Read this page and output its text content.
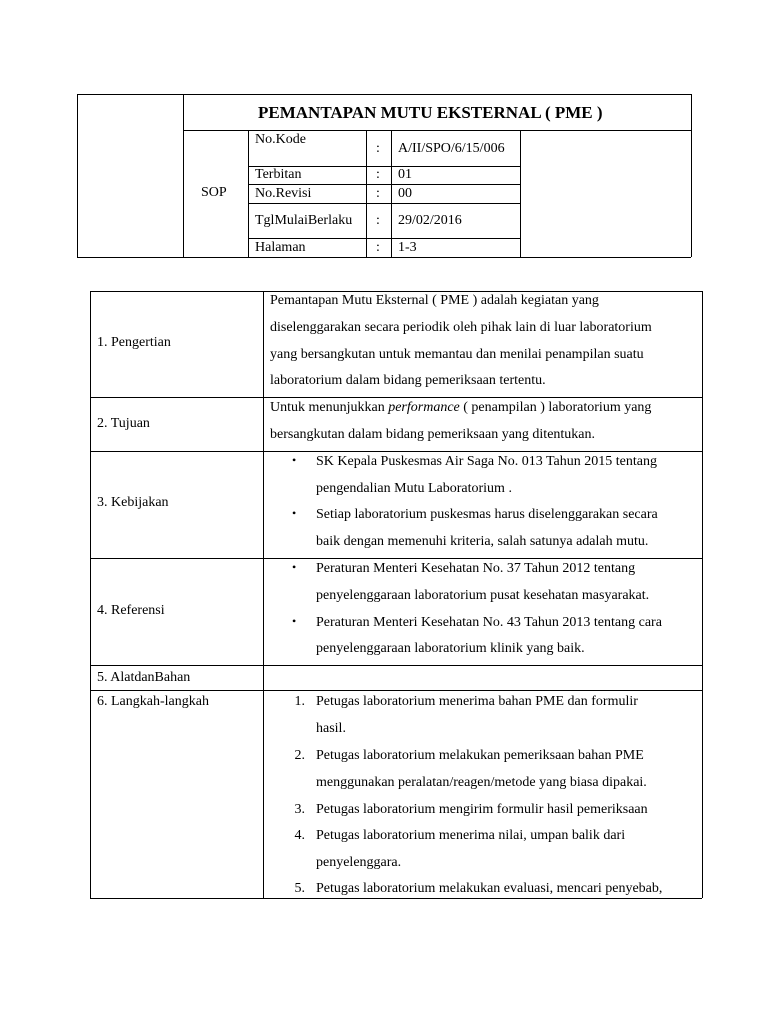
PEMANTAPAN MUTU EKSTERNAL ( PME )
SOP
No.Kode
: A/II/SPO/6/15/006
Terbitan	: 01
No.Revisi	: 00
TglMulaiBerlaku : 29/02/2016
Halaman	: 1-3
1. Pengertian
Pemantapan Mutu Eksternal ( PME ) adalah kegiatan yang
diselenggarakan secara periodik oleh pihak lain di luar laboratorium
yang bersangkutan untuk memantau dan menilai penampilan suatu
laboratorium dalam bidang pemeriksaan tertentu.
2. Tujuan
Untuk menunjukkan performance ( penampilan ) laboratorium yang
bersangkutan dalam bidang pemeriksaan yang ditentukan.
3. Kebijakan
• SK Kepala Puskesmas Air Saga No. 013 Tahun 2015 tentang
pengendalian Mutu Laboratorium .
• Setiap laboratorium puskesmas harus diselenggarakan secara
baik dengan memenuhi kriteria, salah satunya adalah mutu.
4. Referensi
• Peraturan Menteri Kesehatan No. 37 Tahun 2012 tentang
penyelenggaraan laboratorium pusat kesehatan masyarakat.
• Peraturan Menteri Kesehatan No. 43 Tahun 2013 tentang cara
penyelenggaraan laboratorium klinik yang baik.
5. AlatdanBahan
6. Langkah-langkah	1. Petugas laboratorium menerima bahan PME dan formulir
hasil.
2. Petugas laboratorium melakukan pemeriksaan bahan PME
menggunakan peralatan/reagen/metode yang biasa dipakai.
3. Petugas laboratorium mengirim formulir hasil pemeriksaan
4. Petugas laboratorium menerima nilai, umpan balik dari
penyelenggara.
5. Petugas laboratorium melakukan evaluasi, mencari penyebab,
